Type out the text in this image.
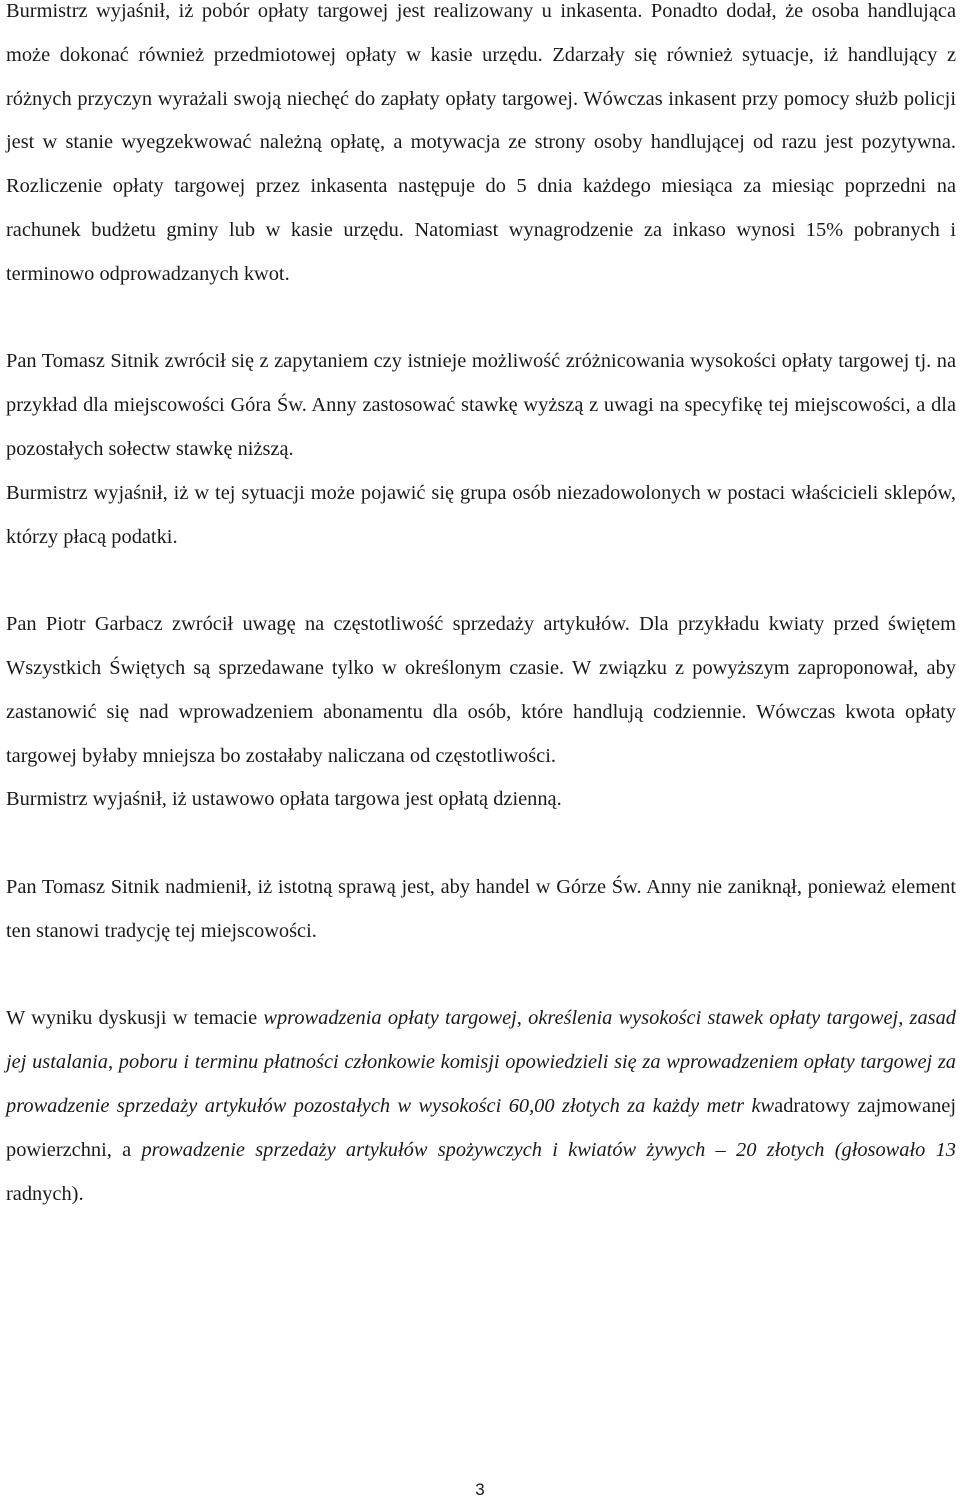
Burmistrz wyjaśnił, iż pobór opłaty targowej jest realizowany u inkasenta. Ponadto dodał, że osoba handlująca może dokonać również przedmiotowej opłaty w kasie urzędu. Zdarzały się również sytuacje, iż handlujący z różnych przyczyn wyrażali swoją niechęć do zapłaty opłaty targowej. Wówczas inkasent przy pomocy służb policji jest w stanie wyegzekwować należną opłatę, a motywacja ze strony osoby handlującej od razu jest pozytywna. Rozliczenie opłaty targowej przez inkasenta następuje do 5 dnia każdego miesiąca za miesiąc poprzedni na rachunek budżetu gminy lub w kasie urzędu. Natomiast wynagrodzenie za inkaso wynosi 15% pobranych i terminowo odprowadzanych kwot.

Pan Tomasz Sitnik zwrócił się z zapytaniem czy istnieje możliwość zróżnicowania wysokości opłaty targowej tj. na przykład dla miejscowości Góra Św. Anny zastosować stawkę wyższą z uwagi na specyfikę tej miejscowości, a dla pozostałych sołectw stawkę niższą.

Burmistrz wyjaśnił, iż w tej sytuacji może pojawić się grupa osób niezadowolonych w postaci właścicieli sklepów, którzy płacą podatki.

Pan Piotr Garbacz zwrócił uwagę na częstotliwość sprzedaży artykułów. Dla przykładu kwiaty przed świętem Wszystkich Świętych są sprzedawane tylko w określonym czasie. W związku z powyższym zaproponował, aby zastanowić się nad wprowadzeniem abonamentu dla osób, które handlują codziennie. Wówczas kwota opłaty targowej byłaby mniejsza bo zostałaby naliczana od częstotliwości.

Burmistrz wyjaśnił, iż ustawowo opłata targowa jest opłatą dzienną.

Pan Tomasz Sitnik nadmienił, iż istotną sprawą jest, aby handel w Górze Św. Anny nie zaniknął, ponieważ element ten stanowi tradycję tej miejscowości.

W wyniku dyskusji w temacie wprowadzenia opłaty targowej, określenia wysokości stawek opłaty targowej, zasad jej ustalania, poboru i terminu płatności członkowie komisji opowiedzieli się za wprowadzeniem opłaty targowej za prowadzenie sprzedaży artykułów pozostałych w wysokości 60,00 złotych za każdy metr kwadratowy zajmowanej powierzchni, a prowadzenie sprzedaży artykułów spożywczych i kwiatów żywych – 20 złotych (głosowało 13 radnych).

3
